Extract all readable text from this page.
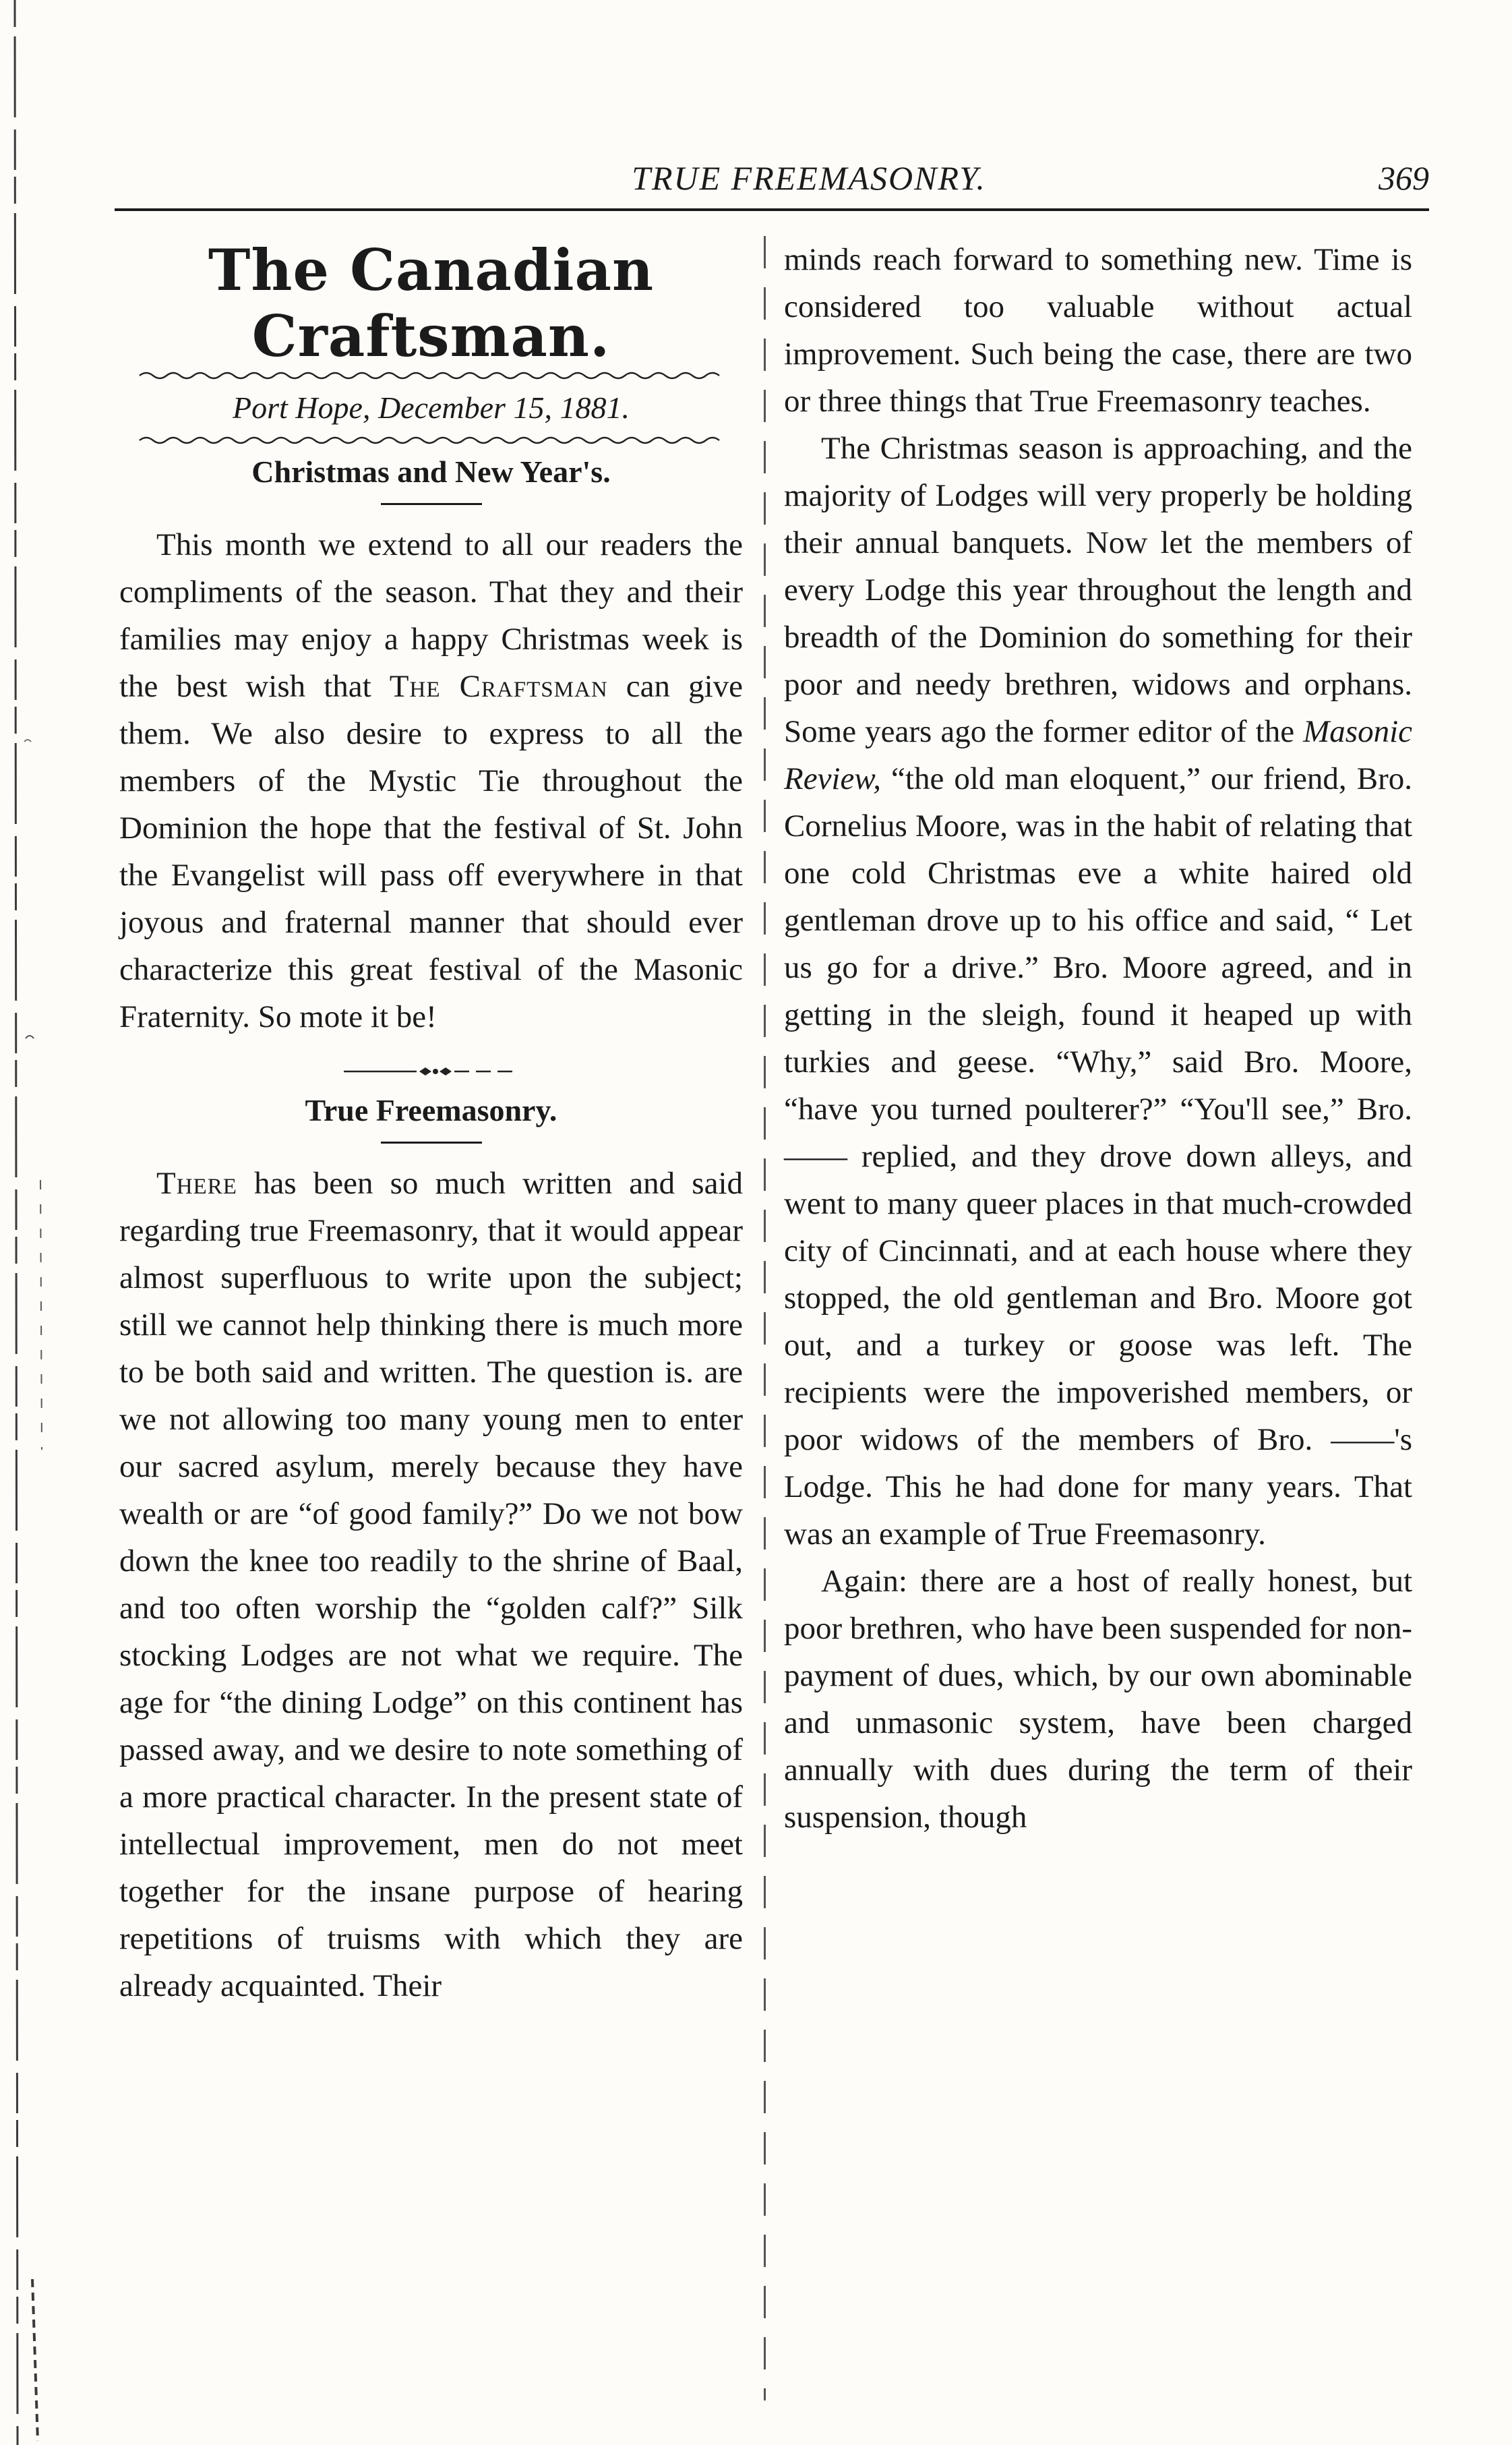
TRUE FREEMASONRY.	369
The Canadian Craftsman.

Port Hope, December 15, 1881.

Christmas and New Year's.

This month we extend to all our readers the compliments of the season. That they and their families may enjoy a happy Christmas week is the best wish that The Craftsman can give them. We also desire to express to all the members of the Mystic Tie throughout the Dominion the hope that the festival of St. John the Evangelist will pass off everywhere in that joyous and fraternal manner that should ever characterize this great festival of the Masonic Fraternity. So mote it be!

True Freemasonry.

There has been so much written and said regarding true Freemasonry, that it would appear almost superfluous to write upon the subject; still we cannot help thinking there is much more to be both said and written. The question is. are we not allowing too many young men to enter our sacred asylum, merely because they have wealth or are “of good family?” Do we not bow down the knee too readily to the shrine of Baal, and too often worship the “golden calf?” Silk stocking Lodges are not what we require. The age for “the dining Lodge” on this continent has passed away, and we desire to note something of a more practical character. In the present state of intellectual improvement, men do not meet together for the insane purpose of hearing repetitions of truisms with which they are already acquainted. Their

minds reach forward to something new. Time is considered too valuable without actual improvement. Such being the case, there are two or three things that True Freemasonry teaches.

The Christmas season is approaching, and the majority of Lodges will very properly be holding their annual banquets. Now let the members of every Lodge this year throughout the length and breadth of the Dominion do something for their poor and needy brethren, widows and orphans. Some years ago the former editor of the Masonic Review, “the old man eloquent,” our friend, Bro. Cornelius Moore, was in the habit of relating that one cold Christmas eve a white haired old gentleman drove up to his office and said, “ Let us go for a drive.” Bro. Moore agreed, and in getting in the sleigh, found it heaped up with turkies and geese. “Why,” said Bro. Moore, “have you turned poulterer?” “You'll see,” Bro. —— replied, and they drove down alleys, and went to many queer places in that much-crowded city of Cincinnati, and at each house where they stopped, the old gentleman and Bro. Moore got out, and a turkey or goose was left. The recipients were the impoverished members, or poor widows of the members of Bro. ——'s Lodge. This he had done for many years. That was an example of True Freemasonry.

Again: there are a host of really honest, but poor brethren, who have been suspended for non-payment of dues, which, by our own abominable and unmasonic system, have been charged annually with dues during the term of their suspension, though
